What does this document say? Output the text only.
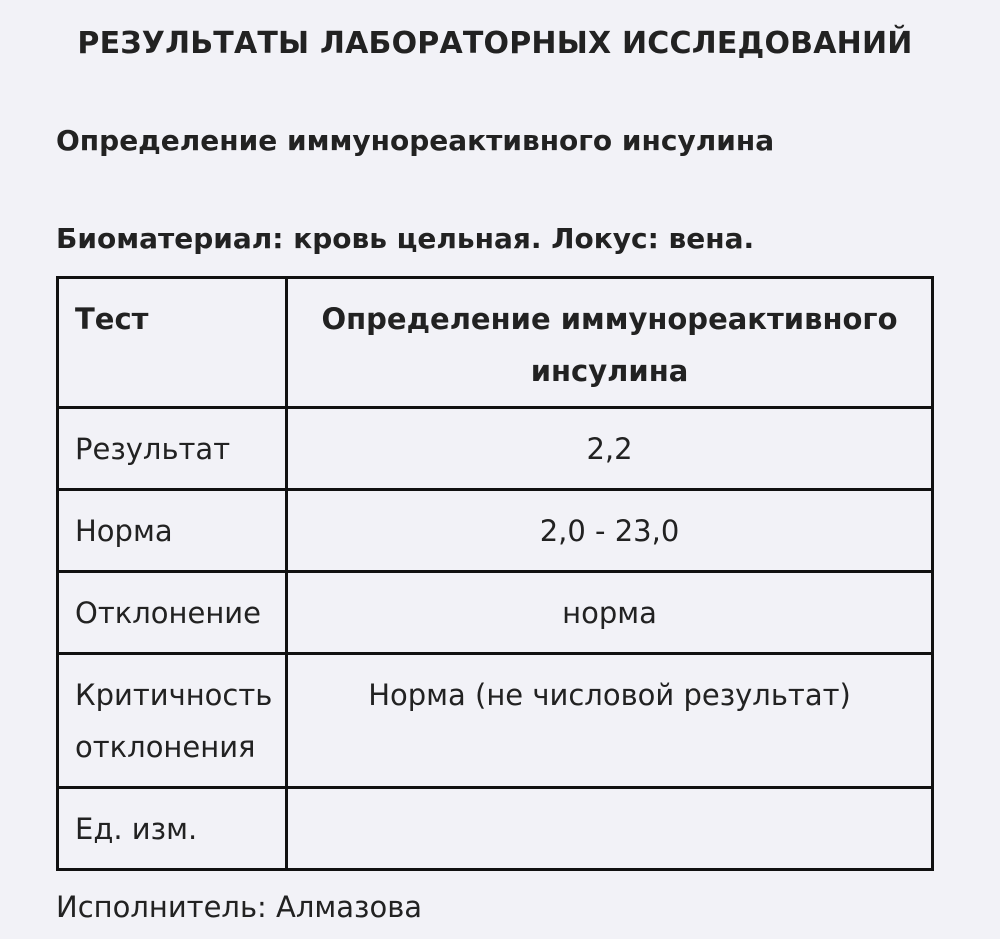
РЕЗУЛЬТАТЫ ЛАБОРАТОРНЫХ ИССЛЕДОВАНИЙ
Определение иммунореактивного инсулина
Биоматериал: кровь цельная. Локус: вена.
Тест	Определение иммунореактивного инсулина
Результат	2,2
Норма	2,0 - 23,0
Отклонение	норма
Критичность отклонения	Норма (не числовой результат)
Ед. изм.	
Исполнитель: Алмазова
